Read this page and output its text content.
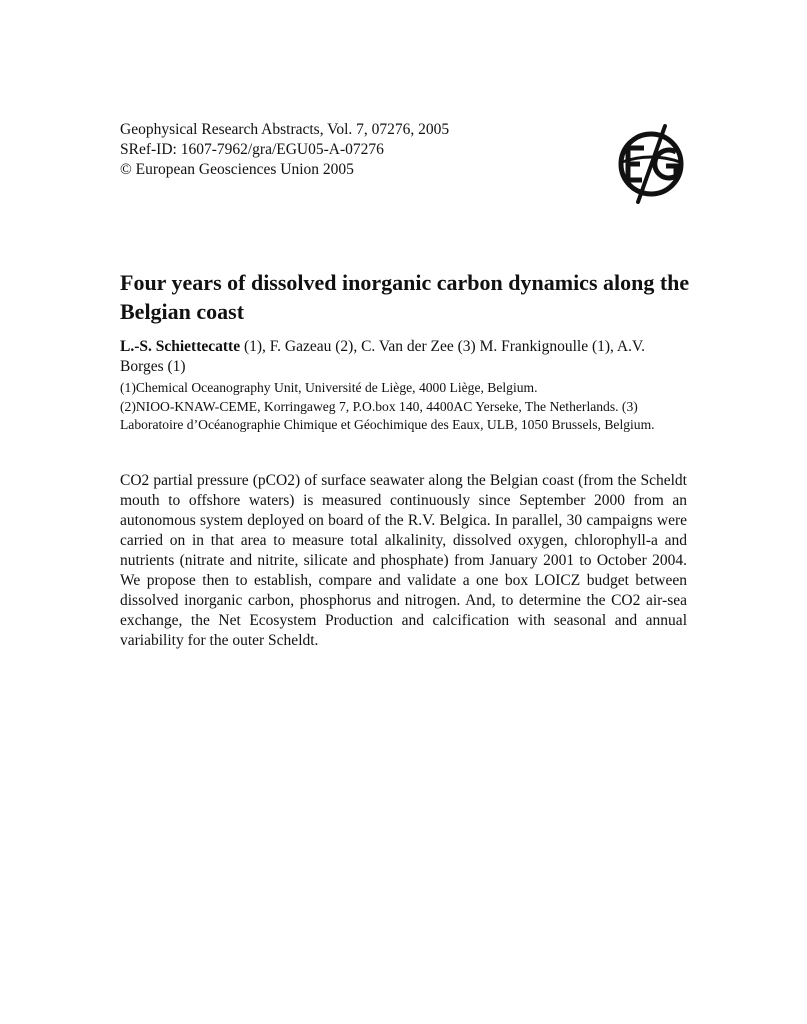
Geophysical Research Abstracts, Vol. 7, 07276, 2005
SRef-ID: 1607-7962/gra/EGU05-A-07276
© European Geosciences Union 2005
Four years of dissolved inorganic carbon dynamics along the Belgian coast
L.-S. Schiettecatte (1), F. Gazeau (2), C. Van der Zee (3) M. Frankignoulle (1), A.V. Borges (1)
(1)Chemical Oceanography Unit, Université de Liège, 4000 Liège, Belgium.
(2)NIOO-KNAW-CEME, Korringaweg 7, P.O.box 140, 4400AC Yerseke, The Netherlands. (3) Laboratoire d’Océanographie Chimique et Géochimique des Eaux, ULB, 1050 Brussels, Belgium.
CO2 partial pressure (pCO2) of surface seawater along the Belgian coast (from the Scheldt mouth to offshore waters) is measured continuously since September 2000 from an autonomous system deployed on board of the R.V. Belgica. In parallel, 30 campaigns were carried on in that area to measure total alkalinity, dissolved oxygen, chlorophyll-a and nutrients (nitrate and nitrite, silicate and phosphate) from January 2001 to October 2004. We propose then to establish, compare and validate a one box LOICZ budget between dissolved inorganic carbon, phosphorus and nitrogen. And, to determine the CO2 air-sea exchange, the Net Ecosystem Production and calcification with seasonal and annual variability for the outer Scheldt.
